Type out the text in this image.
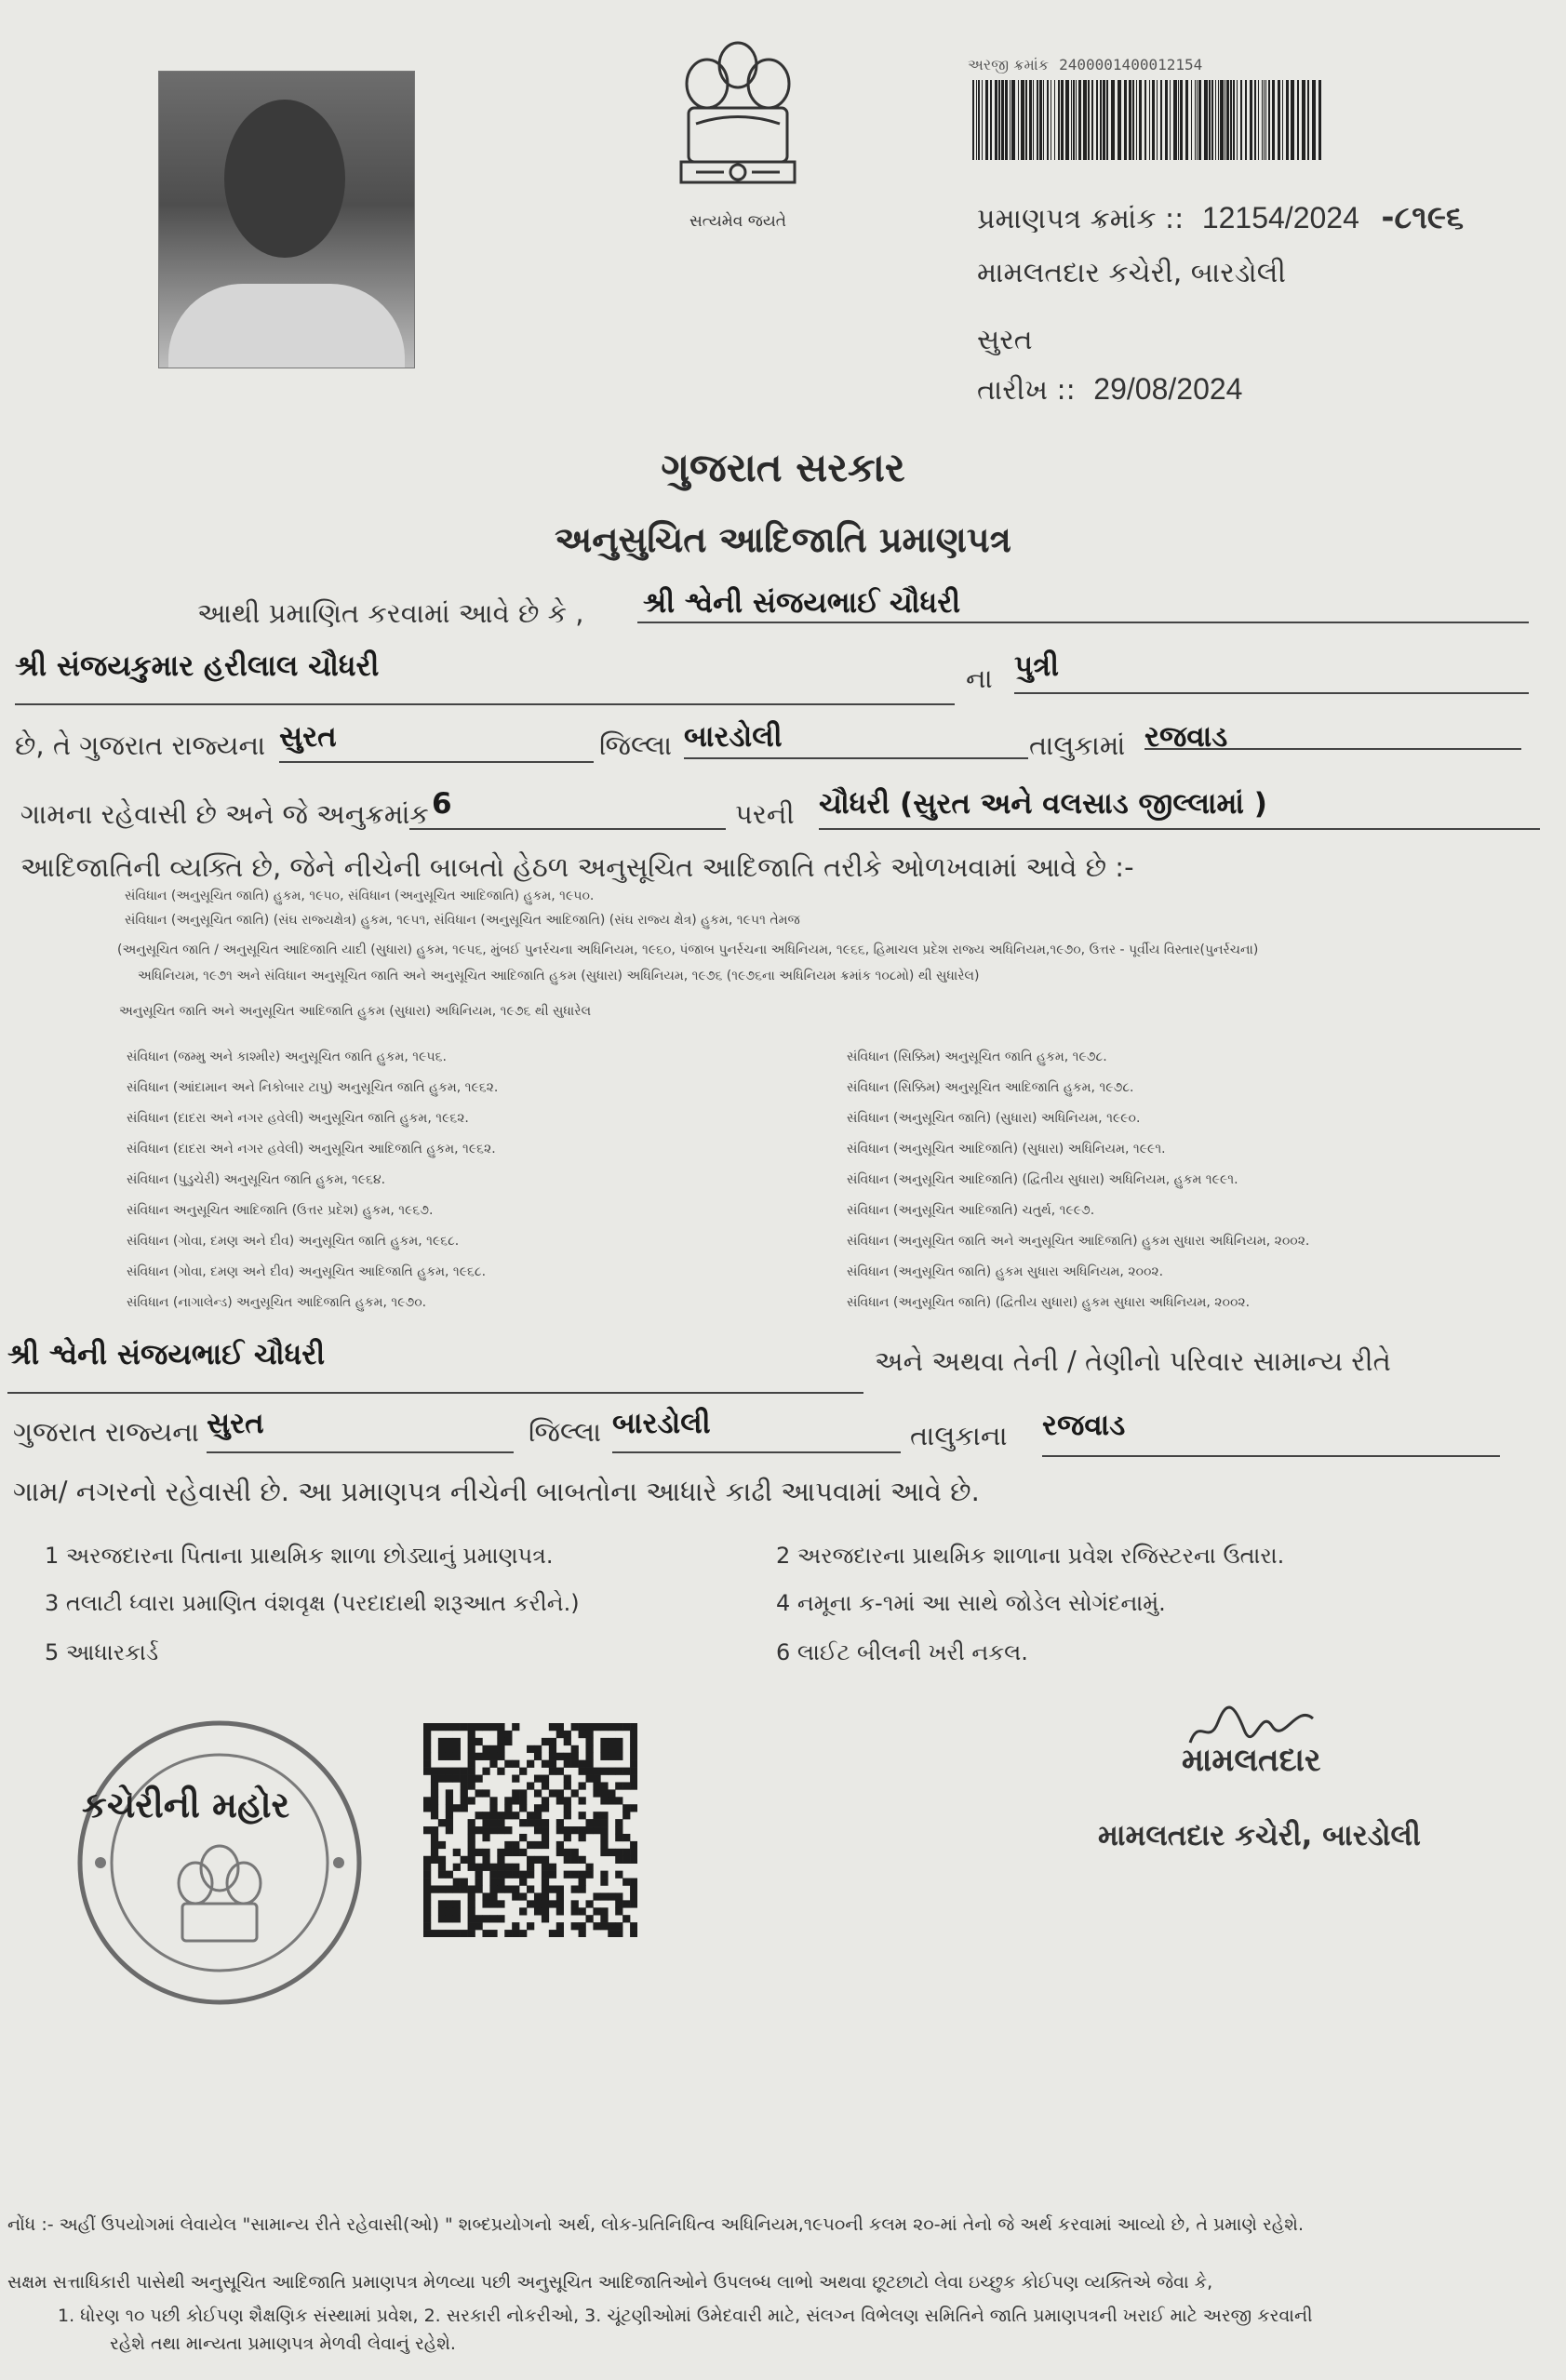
સત્યમેવ જયતે
અરજી ક્રમાંક 2400001400012154
પ્રમાણપત્ર ક્રમાંક :: 12154/2024 -૮૧૯૬
મામલતદાર કચેરી, બારડોલી
સુરત
તારીખ :: 29/08/2024
ગુજરાત સરકાર
અનુસુચિત આદિજાતિ પ્રમાણપત્ર
આથી પ્રમાણિત કરવામાં આવે છે કે , શ્રી શ્વેની સંજયભાઈ ચૌધરી
શ્રી સંજયકુમાર હરીલાલ ચૌધરી	ના પુત્રી
છે, તે ગુજરાત રાજ્યના સુરત	જિલ્લા બારડોલી	તાલુકામાં રજવાડ
ગામના રહેવાસી છે અને જે અનુક્રમાંક 6	પરની ચૌધરી (સુરત અને વલસાડ જીલ્લામાં )
આદિજાતિની વ્યક્તિ છે, જેને નીચેની બાબતો હેઠળ અનુસૂચિત આદિજાતિ તરીકે ઓળખવામાં આવે છે :-
સંવિધાન (અનુસૂચિત જાતિ) હુકમ, ૧૯૫૦, સંવિધાન (અનુસૂચિત આદિજાતિ) હુકમ, ૧૯૫૦.
સંવિધાન (અનુસૂચિત જાતિ) (સંઘ રાજ્યક્ષેત્ર) હુકમ, ૧૯૫૧, સંવિધાન (અનુસૂચિત આદિજાતિ) (સંઘ રાજ્ય ક્ષેત્ર) હુકમ, ૧૯૫૧ તેમજ
(અનુસૂચિત જાતિ / અનુસૂચિત આદિજાતિ યાદી (સુધારા) હુકમ, ૧૯૫૬, મુંબઈ પુનર્રચના અધિનિયમ, ૧૯૬૦, પંજાબ પુનર્રચના અધિનિયમ, ૧૯૬૬, હિમાચલ પ્રદેશ રાજ્ય અધિનિયમ,૧૯૭૦, ઉત્તર - પૂર્વીય વિસ્તાર(પુનર્રચના)
અધિનિયમ, ૧૯૭૧ અને સંવિધાન અનુસૂચિત જાતિ અને અનુસૂચિત આદિજાતિ હુકમ (સુધારા) અધિનિયમ, ૧૯૭૬ (૧૯૭૬ના અધિનિયમ ક્રમાંક ૧૦૮મો) થી સુધારેલ)
અનુસૂચિત જાતિ અને અનુસૂચિત આદિજાતિ હુકમ (સુધારા) અધિનિયમ, ૧૯૭૬ થી સુધારેલ
સંવિધાન (જમ્મુ અને કાશ્મીર) અનુસૂચિત જાતિ હુકમ, ૧૯૫૬.
સંવિધાન (આંદામાન અને નિકોબાર ટાપુ) અનુસૂચિત જાતિ હુકમ, ૧૯૬૨.
સંવિધાન (દાદરા અને નગર હવેલી) અનુસૂચિત જાતિ હુકમ, ૧૯૬૨.
સંવિધાન (દાદરા અને નગર હવેલી) અનુસૂચિત આદિજાતિ હુકમ, ૧૯૬૨.
સંવિધાન (પુડુચેરી) અનુસૂચિત જાતિ હુકમ, ૧૯૬૪.
સંવિધાન અનુસૂચિત આદિજાતિ (ઉત્તર પ્રદેશ) હુકમ, ૧૯૬૭.
સંવિધાન (ગોવા, દમણ અને દીવ) અનુસૂચિત જાતિ હુકમ, ૧૯૬૮.
સંવિધાન (ગોવા, દમણ અને દીવ) અનુસૂચિત આદિજાતિ હુકમ, ૧૯૬૮.
સંવિધાન (નાગાલેન્ડ) અનુસૂચિત આદિજાતિ હુકમ, ૧૯૭૦.
સંવિધાન (સિક્કિમ) અનુસૂચિત જાતિ હુકમ, ૧૯૭૮.
સંવિધાન (સિક્કિમ) અનુસૂચિત આદિજાતિ હુકમ, ૧૯૭૮.
સંવિધાન (અનુસૂચિત જાતિ) (સુધારા) અધિનિયમ, ૧૯૯૦.
સંવિધાન (અનુસૂચિત આદિજાતિ) (સુધારા) અધિનિયમ, ૧૯૯૧.
સંવિધાન (અનુસૂચિત આદિજાતિ) (દ્વિતીય સુધારા) અધિનિયમ, હુકમ ૧૯૯૧.
સંવિધાન (અનુસૂચિત આદિજાતિ) ચતુર્થ, ૧૯૯૭.
સંવિધાન (અનુસૂચિત જાતિ અને અનુસૂચિત આદિજાતિ) હુકમ સુધારા અધિનિયમ, ૨૦૦૨.
સંવિધાન (અનુસૂચિત જાતિ) હુકમ સુધારા અધિનિયમ, ૨૦૦૨.
સંવિધાન (અનુસૂચિત જાતિ) (દ્વિતીય સુધારા) હુકમ સુધારા અધિનિયમ, ૨૦૦૨.
શ્રી શ્વેની સંજયભાઈ ચૌધરી	અને અથવા તેની / તેણીનો પરિવાર સામાન્ય રીતે
ગુજરાત રાજ્યના સુરત	જિલ્લા બારડોલી	તાલુકાના રજવાડ
ગામ/ નગરનો રહેવાસી છે. આ પ્રમાણપત્ર નીચેની બાબતોના આધારે કાઢી આપવામાં આવે છે.
1 અરજદારના પિતાના પ્રાથમિક શાળા છોડ્યાનું પ્રમાણપત્ર.	2 અરજદારના પ્રાથમિક શાળાના પ્રવેશ રજિસ્ટરના ઉતારા.
3 તલાટી ધ્વારા પ્રમાણિત વંશવૃક્ષ (પરદાદાથી શરૂઆત કરીને.)	4 નમૂના ક-૧માં આ સાથે જોડેલ સોગંદનામું.
5 આધારકાર્ડ	6 લાઈટ બીલની ખરી નકલ.
કચેરીની મહોર
મામલતદાર
મામલતદાર કચેરી, બારડોલી
નોંધ :- અહીં ઉપયોગમાં લેવાયેલ "સામાન્ય રીતે રહેવાસી(ઓ) " શબ્દપ્રયોગનો અર્થ, લોક-પ્રતિનિધિત્વ અધિનિયમ,૧૯૫૦ની કલમ ૨૦-માં તેનો જે અર્થ કરવામાં આવ્યો છે, તે પ્રમાણે રહેશે.
સક્ષમ સત્તાધિકારી પાસેથી અનુસૂચિત આદિજાતિ પ્રમાણપત્ર મેળવ્યા પછી અનુસૂચિત આદિજાતિઓને ઉપલબ્ધ લાભો અથવા છૂટછાટો લેવા ઇચ્છુક કોઈપણ વ્યક્તિએ જેવા કે,
1. ધોરણ ૧૦ પછી કોઈપણ શૈક્ષણિક સંસ્થામાં પ્રવેશ, 2. સરકારી નોકરીઓ, 3. ચૂંટણીઓમાં ઉમેદવારી માટે, સંલગ્ન વિભેલણ સમિતિને જાતિ પ્રમાણપત્રની ખરાઈ માટે અરજી કરવાની
રહેશે તથા માન્યતા પ્રમાણપત્ર મેળવી લેવાનું રહેશે.
